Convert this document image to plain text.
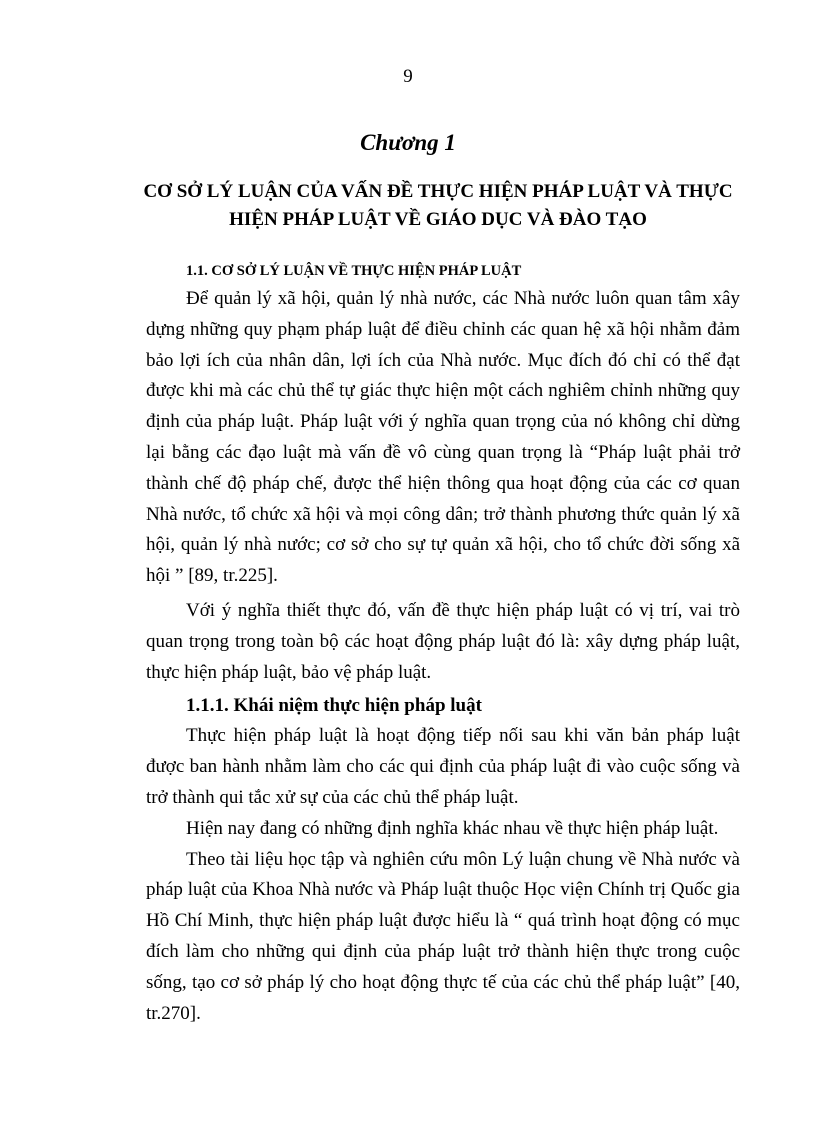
9
Chương 1
CƠ SỞ LÝ LUẬN CỦA VẤN ĐỀ THỰC HIỆN PHÁP LUẬT VÀ THỰC
HIỆN PHÁP LUẬT VỀ GIÁO DỤC VÀ ĐÀO TẠO
1.1. CƠ SỞ LÝ LUẬN VỀ THỰC HIỆN PHÁP LUẬT

Để quản lý xã hội, quản lý nhà nước, các Nhà nước luôn quan tâm xây dựng những quy phạm pháp luật để điều chỉnh các quan hệ xã hội nhằm đảm bảo lợi ích của nhân dân, lợi ích của Nhà nước. Mục đích đó chỉ có thể đạt được khi mà các chủ thể tự giác thực hiện một cách nghiêm chỉnh những quy định của pháp luật. Pháp luật với ý nghĩa quan trọng của nó không chỉ dừng lại bằng các đạo luật mà vấn đề vô cùng quan trọng là “Pháp luật phải trở thành chế độ pháp chế, được thể hiện thông qua hoạt động của các cơ quan Nhà nước, tổ chức xã hội và mọi công dân; trở thành phương thức quản lý xã hội, quản lý nhà nước; cơ sở cho sự tự quản xã hội, cho tổ chức đời sống xã hội ” [89, tr.225].

Với ý nghĩa thiết thực đó, vấn đề thực hiện pháp luật có vị trí, vai trò quan trọng trong toàn bộ các hoạt động pháp luật đó là: xây dựng pháp luật, thực hiện pháp luật, bảo vệ pháp luật.

1.1.1. Khái niệm thực hiện pháp luật

Thực hiện pháp luật là hoạt động tiếp nối sau khi văn bản pháp luật được ban hành nhằm làm cho các qui định của pháp luật đi vào cuộc sống và trở thành qui tắc xử sự của các chủ thể pháp luật.

Hiện nay đang có những định nghĩa khác nhau về thực hiện pháp luật.

Theo tài liệu học tập và nghiên cứu môn Lý luận chung về Nhà nước và pháp luật của Khoa Nhà nước và Pháp luật thuộc Học viện Chính trị Quốc gia Hồ Chí Minh, thực hiện pháp luật được hiểu là “ quá trình hoạt động có mục đích làm cho những qui định của pháp luật trở thành hiện thực trong cuộc sống, tạo cơ sở pháp lý cho hoạt động thực tế của các chủ thể pháp luật” [40, tr.270].
